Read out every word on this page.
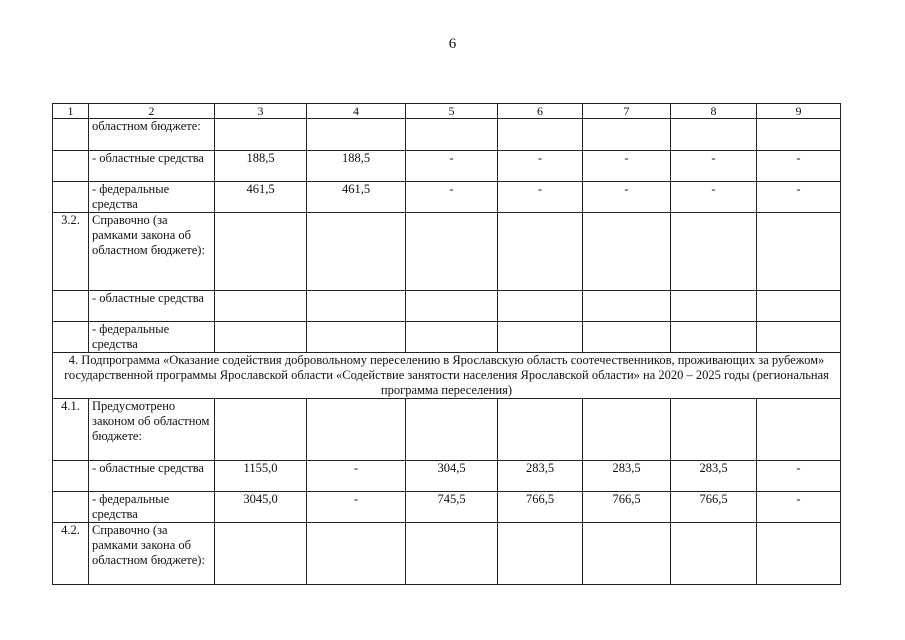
6
1	2	3	4	5	6	7	8	9
	областном бюджете:							
	- областные средства	188,5	188,5	-	-	-	-	-
	- федеральные средства	461,5	461,5	-	-	-	-	-
3.2.	Справочно (за рамками закона об областном бюджете):							
	- областные средства							
	- федеральные средства							
4. Подпрограмма «Оказание содействия добровольному переселению в Ярославскую область соотечественников, проживающих за рубежом» государственной программы Ярославской области «Содействие занятости населения Ярославской области» на 2020 – 2025 годы (региональная программа переселения)								
4.1.	Предусмотрено законом об областном бюджете:							
	- областные средства	1155,0	-	304,5	283,5	283,5	283,5	-
	- федеральные средства	3045,0	-	745,5	766,5	766,5	766,5	-
4.2.	Справочно (за рамками закона об областном бюджете):							
